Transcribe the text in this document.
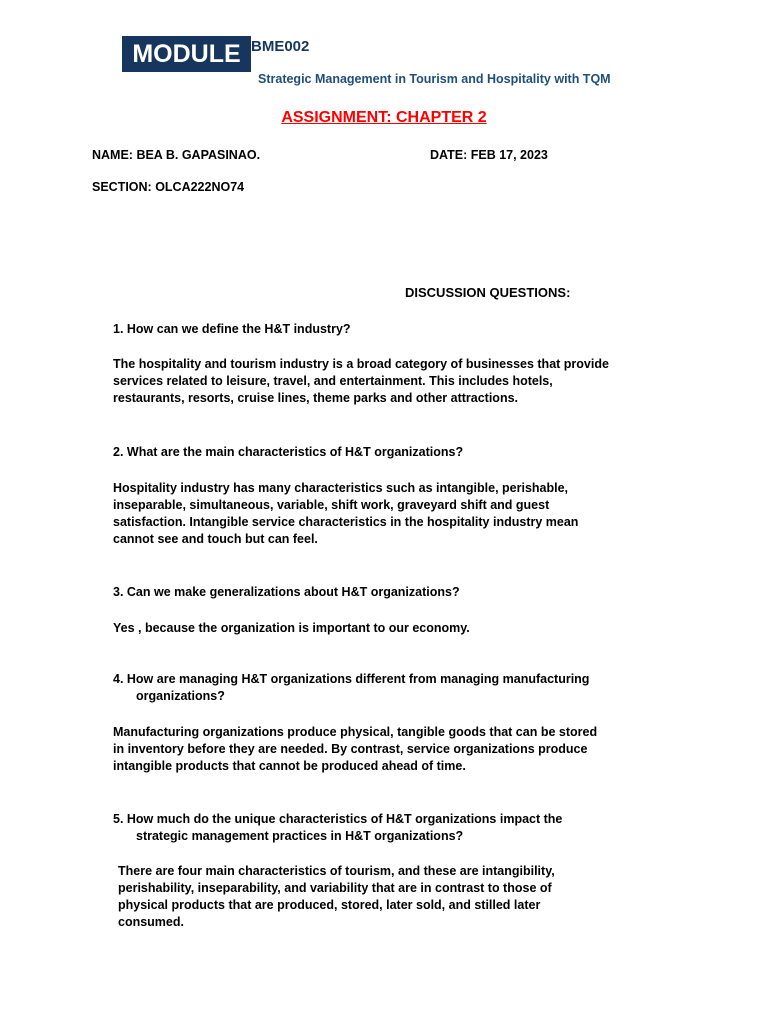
MODULE BME002
Strategic Management in Tourism and Hospitality with TQM
ASSIGNMENT: CHAPTER 2
NAME: BEA B. GAPASINAO.	DATE: FEB 17, 2023
SECTION: OLCA222NO74
DISCUSSION QUESTIONS:
1. How can we define the H&T industry?
The hospitality and tourism industry is a broad category of businesses that provide
services related to leisure, travel, and entertainment. This includes hotels,
restaurants, resorts, cruise lines, theme parks and other attractions.
2. What are the main characteristics of H&T organizations?
Hospitality industry has many characteristics such as intangible, perishable,
inseparable, simultaneous, variable, shift work, graveyard shift and guest
satisfaction. Intangible service characteristics in the hospitality industry mean
cannot see and touch but can feel.
3. Can we make generalizations about H&T organizations?
Yes , because the organization is important to our economy.
4. How are managing H&T organizations different from managing manufacturing
organizations?
Manufacturing organizations produce physical, tangible goods that can be stored
in inventory before they are needed. By contrast, service organizations produce
intangible products that cannot be produced ahead of time.
5. How much do the unique characteristics of H&T organizations impact the
strategic management practices in H&T organizations?
There are four main characteristics of tourism, and these are intangibility,
perishability, inseparability, and variability that are in contrast to those of
physical products that are produced, stored, later sold, and stilled later
consumed.
